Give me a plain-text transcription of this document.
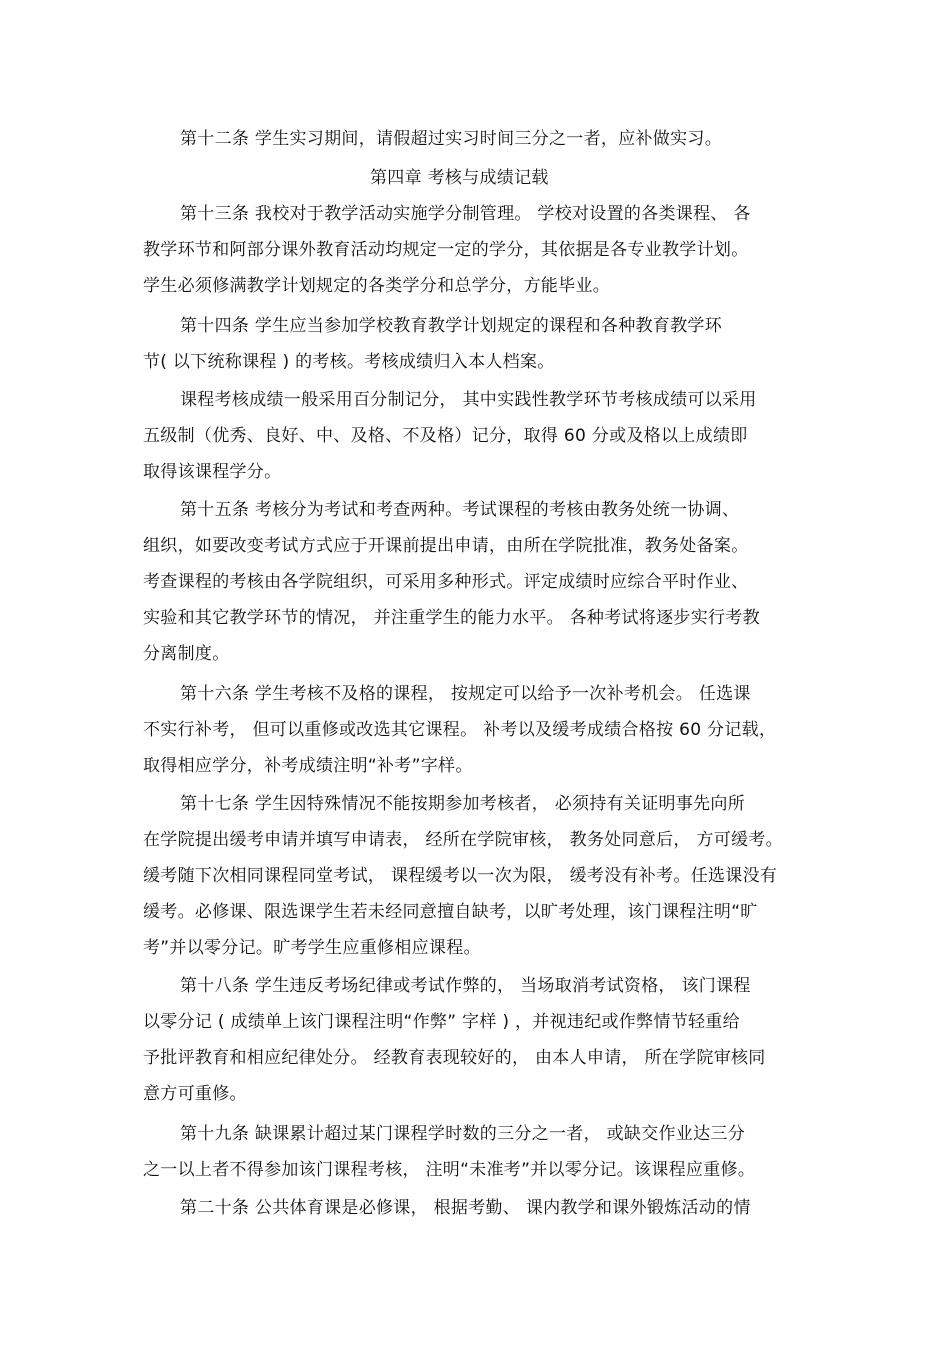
第十二条 学生实习期间，请假超过实习时间三分之一者，应补做实习。

第四章 考核与成绩记载

第十三条 我校对于教学活动实施学分制管理。 学校对设置的各类课程、 各

教学环节和阿部分课外教育活动均规定一定的学分，其依据是各专业教学计划。

学生必须修满教学计划规定的各类学分和总学分，方能毕业。

第十四条 学生应当参加学校教育教学计划规定的课程和各种教育教学环

节( 以下统称课程 ) 的考核。考核成绩归入本人档案。

课程考核成绩一般采用百分制记分， 其中实践性教学环节考核成绩可以采用

五级制（优秀、良好、中、及格、不及格）记分，取得 60 分或及格以上成绩即

取得该课程学分。

第十五条 考核分为考试和考查两种。考试课程的考核由教务处统一协调、

组织，如要改变考试方式应于开课前提出申请，由所在学院批准，教务处备案。

考查课程的考核由各学院组织，可采用多种形式。评定成绩时应综合平时作业、

实验和其它教学环节的情况， 并注重学生的能力水平。 各种考试将逐步实行考教

分离制度。

第十六条 学生考核不及格的课程， 按规定可以给予一次补考机会。 任选课

不实行补考， 但可以重修或改选其它课程。 补考以及缓考成绩合格按 60 分记载，

取得相应学分，补考成绩注明“补考”字样。

第十七条 学生因特殊情况不能按期参加考核者， 必须持有关证明事先向所

在学院提出缓考申请并填写申请表， 经所在学院审核， 教务处同意后， 方可缓考。

缓考随下次相同课程同堂考试， 课程缓考以一次为限， 缓考没有补考。任选课没有

缓考。必修课、限选课学生若未经同意擅自缺考，以旷考处理，该门课程注明“旷

考”并以零分记。旷考学生应重修相应课程。

第十八条 学生违反考场纪律或考试作弊的， 当场取消考试资格， 该门课程

以零分记 ( 成绩单上该门课程注明“作弊” 字样 ) ，并视违纪或作弊情节轻重给

予批评教育和相应纪律处分。 经教育表现较好的， 由本人申请， 所在学院审核同

意方可重修。

第十九条 缺课累计超过某门课程学时数的三分之一者， 或缺交作业达三分

之一以上者不得参加该门课程考核， 注明“未准考”并以零分记。该课程应重修。

第二十条 公共体育课是必修课， 根据考勤、 课内教学和课外锻炼活动的情
